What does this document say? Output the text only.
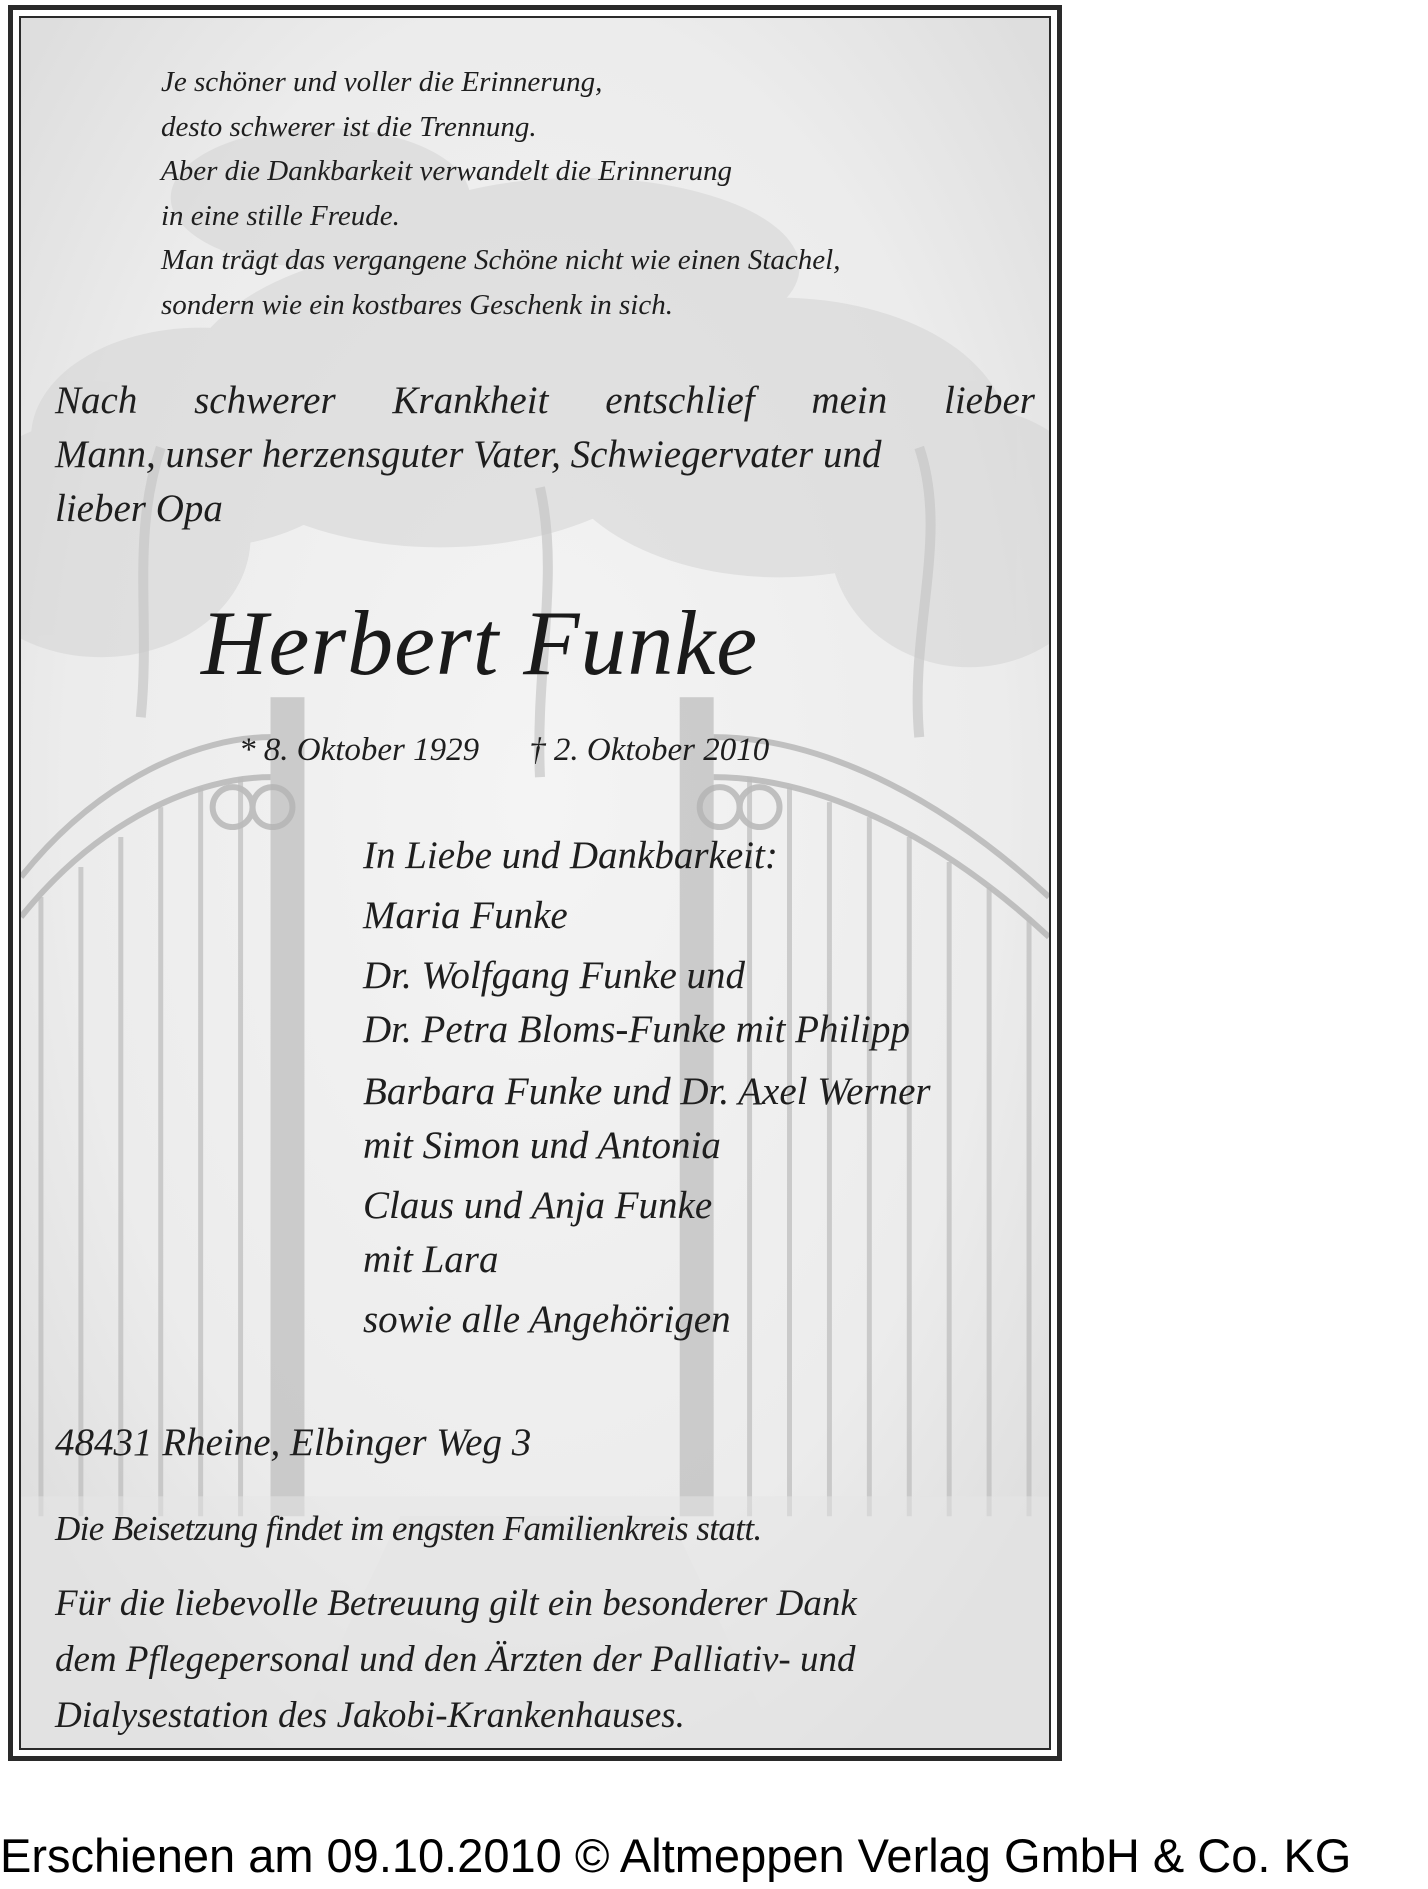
Je schöner und voller die Erinnerung,
desto schwerer ist die Trennung.
Aber die Dankbarkeit verwandelt die Erinnerung
in eine stille Freude.
Man trägt das vergangene Schöne nicht wie einen Stachel,
sondern wie ein kostbares Geschenk in sich.
Nach schwerer Krankheit entschlief mein lieber
Mann, unser herzensguter Vater, Schwiegervater und
lieber Opa
Herbert Funke
* 8. Oktober 1929 † 2. Oktober 2010
In Liebe und Dankbarkeit:
Maria Funke
Dr. Wolfgang Funke und
Dr. Petra Bloms-Funke mit Philipp
Barbara Funke und Dr. Axel Werner
mit Simon und Antonia
Claus und Anja Funke
mit Lara
sowie alle Angehörigen
48431 Rheine, Elbinger Weg 3
Die Beisetzung findet im engsten Familienkreis statt.
Für die liebevolle Betreuung gilt ein besonderer Dank
dem Pflegepersonal und den Ärzten der Palliativ- und
Dialysestation des Jakobi-Krankenhauses.
Erschienen am 09.10.2010 © Altmeppen Verlag GmbH & Co. KG
